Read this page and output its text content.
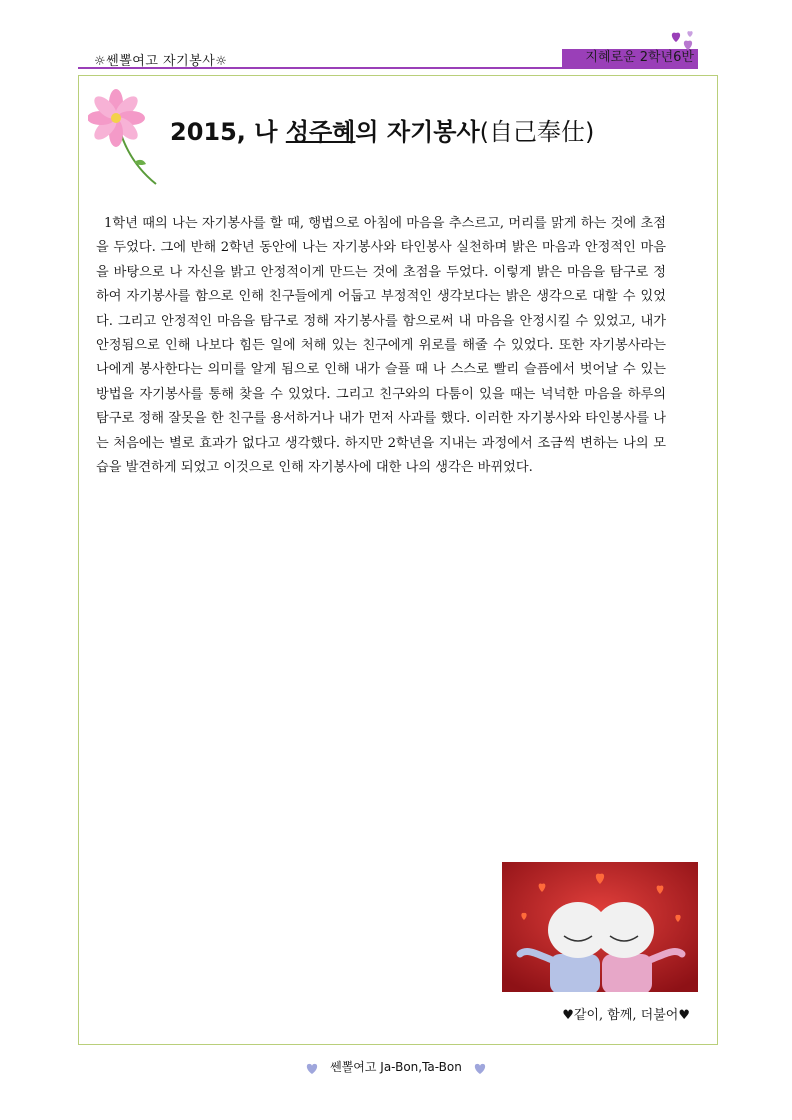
☼쎈뽈여고 자기봉사☼	지혜로운 2학년6반
2015, 나 성주혜의 자기봉사(自己奉仕)

1학년 때의 나는 자기봉사를 할 때, 행법으로 아침에 마음을 추스르고, 머리를 맑게 하는 것에 초점을 두었다. 그에 반해 2학년 동안에 나는 자기봉사와 타인봉사 실천하며 밝은 마음과 안정적인 마음을 바탕으로 나 자신을 밝고 안정적이게 만드는 것에 초점을 두었다. 이렇게 밝은 마음을 탐구로 정하여 자기봉사를 함으로 인해 친구들에게 어둡고 부정적인 생각보다는 밝은 생각으로 대할 수 있었다. 그리고 안정적인 마음을 탐구로 정해 자기봉사를 함으로써 내 마음을 안정시킬 수 있었고, 내가 안정됨으로 인해 나보다 힘든 일에 처해 있는 친구에게 위로를 해줄 수 있었다. 또한 자기봉사라는 나에게 봉사한다는 의미를 알게 됨으로 인해 내가 슬플 때 나 스스로 빨리 슬픔에서 벗어날 수 있는 방법을 자기봉사를 통해 찾을 수 있었다. 그리고 친구와의 다툼이 있을 때는 넉넉한 마음을 하루의 탐구로 정해 잘못을 한 친구를 용서하거나 내가 먼저 사과를 했다. 이러한 자기봉사와 타인봉사를 나는 처음에는 별로 효과가 없다고 생각했다. 하지만 2학년을 지내는 과정에서 조금씩 변하는 나의 모습을 발견하게 되었고 이것으로 인해 자기봉사에 대한 나의 생각은 바뀌었다.

♥같이, 함께, 더불어♥
쎈뽈여고 Ja-Bon,Ta-Bon
